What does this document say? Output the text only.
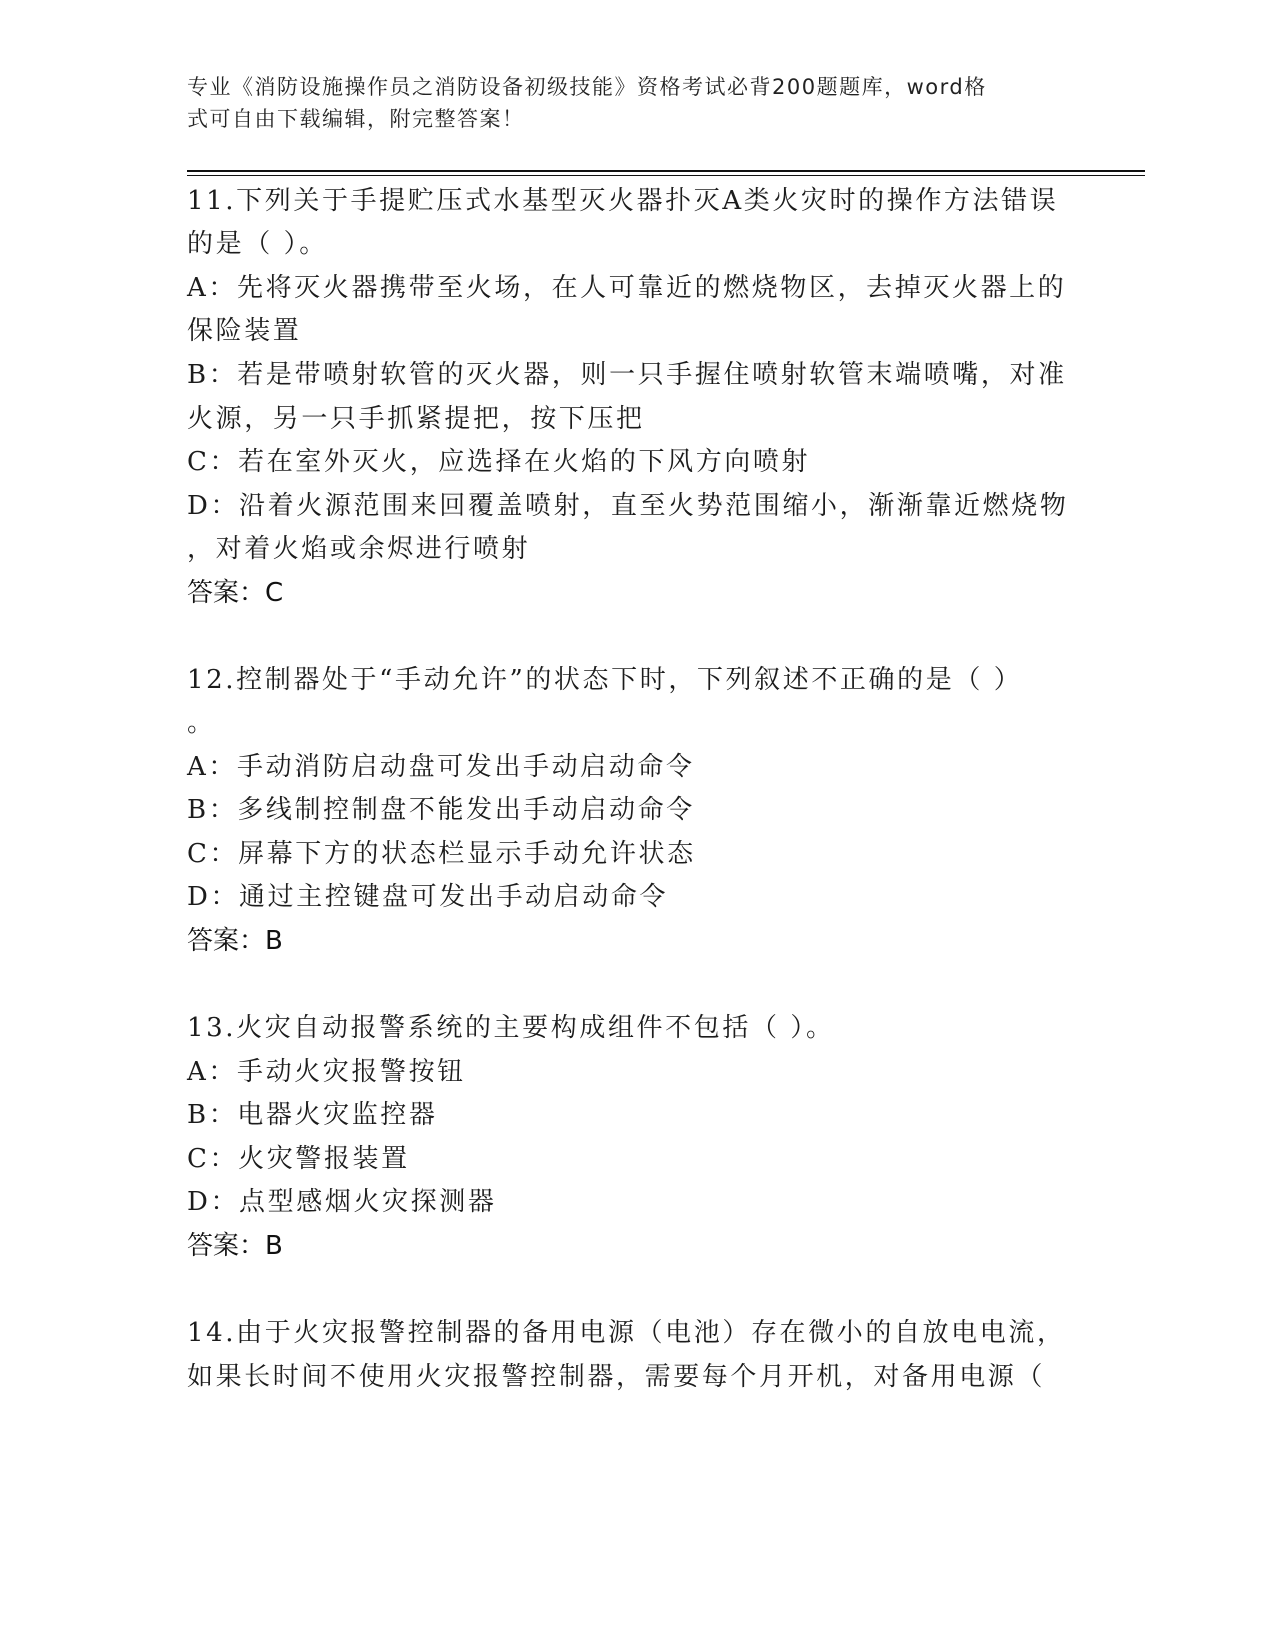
专业《消防设施操作员之消防设备初级技能》资格考试必背200题题库，word格
式可自由下载编辑，附完整答案！
11.下列关于手提贮压式水基型灭火器扑灭A类火灾时的操作方法错误
的是（ ）。
A：先将灭火器携带至火场，在人可靠近的燃烧物区，去掉灭火器上的
保险装置
B：若是带喷射软管的灭火器，则一只手握住喷射软管末端喷嘴，对准
火源，另一只手抓紧提把，按下压把
C：若在室外灭火，应选择在火焰的下风方向喷射
D：沿着火源范围来回覆盖喷射，直至火势范围缩小，渐渐靠近燃烧物
，对着火焰或余烬进行喷射
答案：C
12.控制器处于“手动允许”的状态下时，下列叙述不正确的是（ ）
。
A：手动消防启动盘可发出手动启动命令
B：多线制控制盘不能发出手动启动命令
C：屏幕下方的状态栏显示手动允许状态
D：通过主控键盘可发出手动启动命令
答案：B
13.火灾自动报警系统的主要构成组件不包括（ ）。
A：手动火灾报警按钮
B：电器火灾监控器
C：火灾警报装置
D：点型感烟火灾探测器
答案：B
14.由于火灾报警控制器的备用电源（电池）存在微小的自放电电流，
如果长时间不使用火灾报警控制器，需要每个月开机，对备用电源（
